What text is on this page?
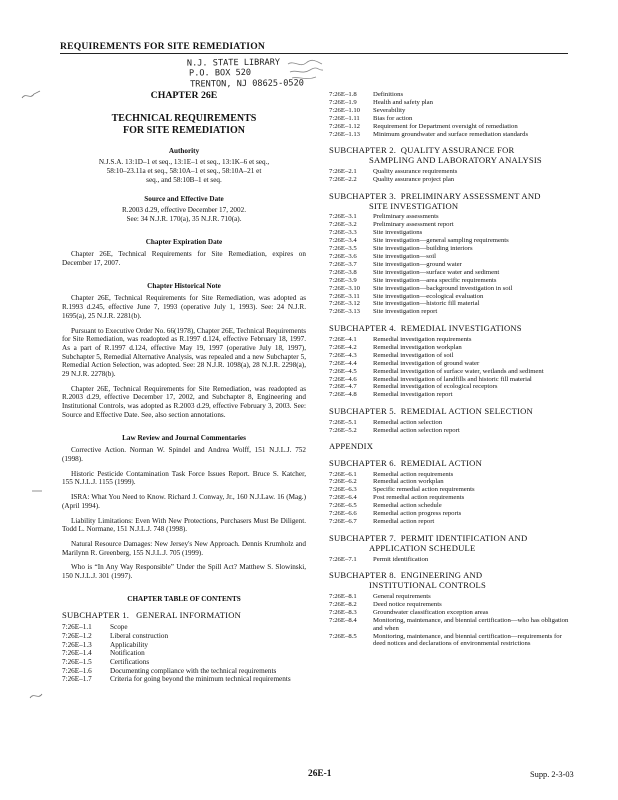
REQUIREMENTS FOR SITE REMEDIATION
N.J. STATE LIBRARY
P.O. BOX 520
TRENTON, NJ 08625-0520
CHAPTER 26E
TECHNICAL REQUIREMENTS
FOR SITE REMEDIATION
Authority
N.J.S.A. 13:1D–1 et seq., 13:1E–1 et seq., 13:1K–6 et seq.,
58:10–23.11a et seq., 58:10A–1 et seq., 58:10A–21 et
seq., and 58:10B–1 et seq.
Source and Effective Date
R.2003 d.29, effective December 17, 2002.
See: 34 N.J.R. 170(a), 35 N.J.R. 710(a).
Chapter Expiration Date
Chapter 26E, Technical Requirements for Site Remediation, expires on December 17, 2007.
Chapter Historical Note
Chapter 26E, Technical Requirements for Site Remediation, was adopted as R.1993 d.245, effective June 7, 1993 (operative July 1, 1993). See: 24 N.J.R. 1695(a), 25 N.J.R. 2281(b).
Pursuant to Executive Order No. 66(1978), Chapter 26E, Technical Requirements for Site Remediation, was readopted as R.1997 d.124, effective February 18, 1997. As a part of R.1997 d.124, effective May 19, 1997 (operative July 18, 1997), Subchapter 5, Remedial Alternative Analysis, was repealed and a new Subchapter 5, Remedial Action Selection, was adopted. See: 28 N.J.R. 1098(a), 28 N.J.R. 2298(a), 29 N.J.R. 2278(b).
Chapter 26E, Technical Requirements for Site Remediation, was readopted as R.2003 d.29, effective December 17, 2002, and Subchapter 8, Engineering and Institutional Controls, was adopted as R.2003 d.29, effective February 3, 2003. See: Source and Effective Date. See, also section annotations.
Law Review and Journal Commentaries
Corrective Action. Norman W. Spindel and Andrea Wolff, 151 N.J.L.J. 752 (1998).
Historic Pesticide Contamination Task Force Issues Report. Bruce S. Katcher, 155 N.J.L.J. 1155 (1999).
ISRA: What You Need to Know. Richard J. Conway, Jr., 160 N.J.Law. 16 (Mag.) (April 1994).
Liability Limitations: Even With New Protections, Purchasers Must Be Diligent. Todd L. Normane, 151 N.J.L.J. 748 (1998).
Natural Resource Damages: New Jersey's New Approach. Dennis Krumholz and Marilynn R. Greenberg, 155 N.J.L.J. 705 (1999).
Who is “In Any Way Responsible” Under the Spill Act? Matthew S. Slowinski, 150 N.J.L.J. 301 (1997).
CHAPTER TABLE OF CONTENTS
SUBCHAPTER 1. GENERAL INFORMATION
7:26E–1.1	Scope
7:26E–1.2	Liberal construction
7:26E–1.3	Applicability
7:26E–1.4	Notification
7:26E–1.5	Certifications
7:26E–1.6	Documenting compliance with the technical requirements
7:26E–1.7	Criteria for going beyond the minimum technical requirements
7:26E–1.8	Definitions
7:26E–1.9	Health and safety plan
7:26E–1.10	Severability
7:26E–1.11	Bias for action
7:26E–1.12	Requirement for Department oversight of remediation
7:26E–1.13	Minimum groundwater and surface remediation standards
SUBCHAPTER 2. QUALITY ASSURANCE FOR
SAMPLING AND LABORATORY ANALYSIS
7:26E–2.1	Quality assurance requirements
7:26E–2.2	Quality assurance project plan
SUBCHAPTER 3. PRELIMINARY ASSESSMENT AND
SITE INVESTIGATION
7:26E–3.1	Preliminary assessments
7:26E–3.2	Preliminary assessment report
7:26E–3.3	Site investigations
7:26E–3.4	Site investigation—general sampling requirements
7:26E–3.5	Site investigation—building interiors
7:26E–3.6	Site investigation—soil
7:26E–3.7	Site investigation—ground water
7:26E–3.8	Site investigation—surface water and sediment
7:26E–3.9	Site investigation—area specific requirements
7:26E–3.10	Site investigation—background investigation in soil
7:26E–3.11	Site investigation—ecological evaluation
7:26E–3.12	Site investigation—historic fill material
7:26E–3.13	Site investigation report
SUBCHAPTER 4. REMEDIAL INVESTIGATIONS
7:26E–4.1	Remedial investigation requirements
7:26E–4.2	Remedial investigation workplan
7:26E–4.3	Remedial investigation of soil
7:26E–4.4	Remedial investigation of ground water
7:26E–4.5	Remedial investigation of surface water, wetlands and sediment
7:26E–4.6	Remedial investigation of landfills and historic fill material
7:26E–4.7	Remedial investigation of ecological receptors
7:26E–4.8	Remedial investigation report
SUBCHAPTER 5. REMEDIAL ACTION SELECTION
7:26E–5.1	Remedial action selection
7:26E–5.2	Remedial action selection report
APPENDIX
SUBCHAPTER 6. REMEDIAL ACTION
7:26E–6.1	Remedial action requirements
7:26E–6.2	Remedial action workplan
7:26E–6.3	Specific remedial action requirements
7:26E–6.4	Post remedial action requirements
7:26E–6.5	Remedial action schedule
7:26E–6.6	Remedial action progress reports
7:26E–6.7	Remedial action report
SUBCHAPTER 7. PERMIT IDENTIFICATION AND
APPLICATION SCHEDULE
7:26E–7.1	Permit identification
SUBCHAPTER 8. ENGINEERING AND
INSTITUTIONAL CONTROLS
7:26E–8.1	General requirements
7:26E–8.2	Deed notice requirements
7:26E–8.3	Groundwater classification exception areas
7:26E–8.4	Monitoring, maintenance, and biennial certification—who has obligation and when
7:26E–8.5	Monitoring, maintenance, and biennial certification—requirements for deed notices and declarations of environmental restrictions
26E-1	Supp. 2-3-03
